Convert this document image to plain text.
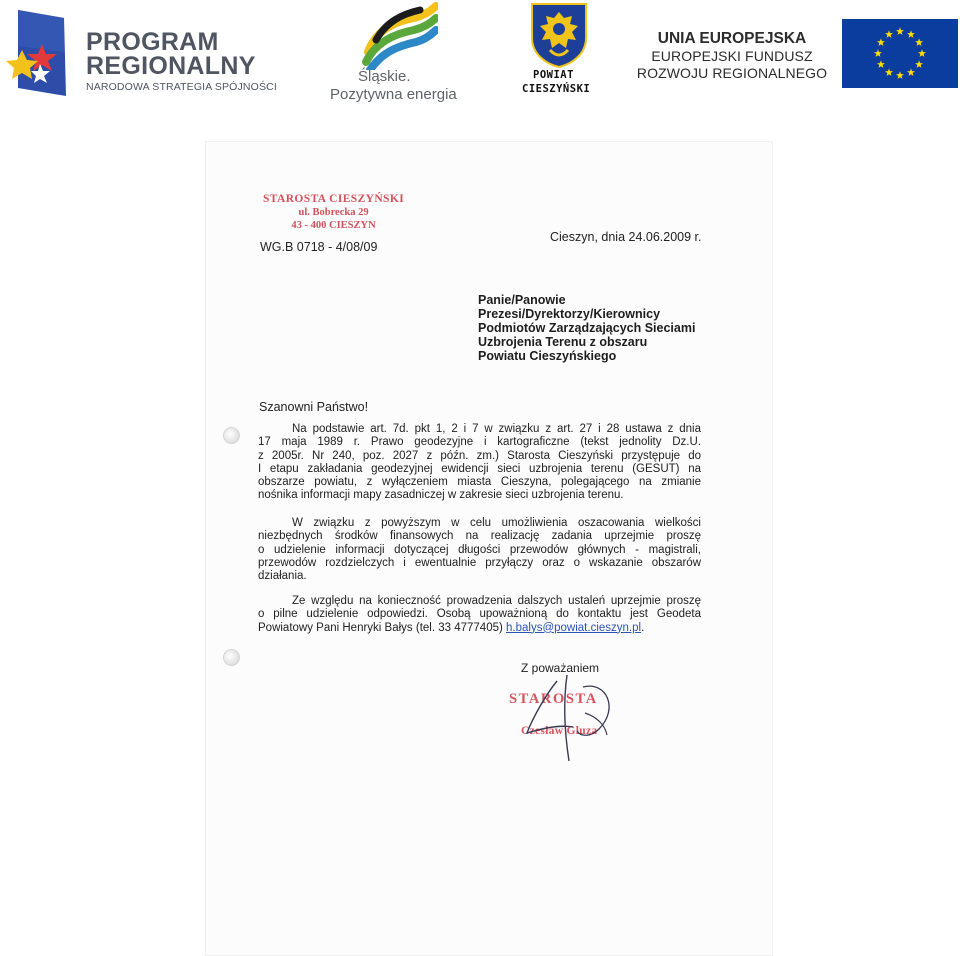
PROGRAM
REGIONALNY
NARODOWA STRATEGIA SPÓJNOŚCI
Śląskie.
Pozytywna energia
POWIAT
CIESZYŃSKI
UNIA EUROPEJSKA
EUROPEJSKI FUNDUSZ
ROZWOJU REGIONALNEGO
STAROSTA CIESZYŃSKI
ul. Bobrecka 29
43 - 400 CIESZYN
WG.B 0718 - 4/08/09
Cieszyn, dnia 24.06.2009 r.
Panie/Panowie
Prezesi/Dyrektorzy/Kierownicy
Podmiotów Zarządzających Sieciami
Uzbrojenia Terenu z obszaru
Powiatu Cieszyńskiego
Szanowni Państwo!
Na podstawie art. 7d. pkt 1, 2 i 7 w związku z art. 27 i 28 ustawa z dnia
17 maja 1989 r. Prawo geodezyjne i kartograficzne (tekst jednolity Dz.U.
z 2005r. Nr 240, poz. 2027 z późn. zm.) Starosta Cieszyński przystępuje do
I etapu zakładania geodezyjnej ewidencji sieci uzbrojenia terenu (GESUT) na
obszarze powiatu, z wyłączeniem miasta Cieszyna, polegającego na zmianie
nośnika informacji mapy zasadniczej w zakresie sieci uzbrojenia terenu.
W związku z powyższym w celu umożliwienia oszacowania wielkości
niezbędnych środków finansowych na realizację zadania uprzejmie proszę
o udzielenie informacji dotyczącej długości przewodów głównych - magistrali,
przewodów rozdzielczych i ewentualnie przyłączy oraz o wskazanie obszarów
działania.
Ze względu na konieczność prowadzenia dalszych ustaleń uprzejmie proszę
o pilne udzielenie odpowiedzi. Osobą upoważnioną do kontaktu jest Geodeta
Powiatowy Pani Henryki Bałys (tel. 33 4777405) h.balys@powiat.cieszyn.pl.
Z poważaniem
STAROSTA
Czesław Gluza
